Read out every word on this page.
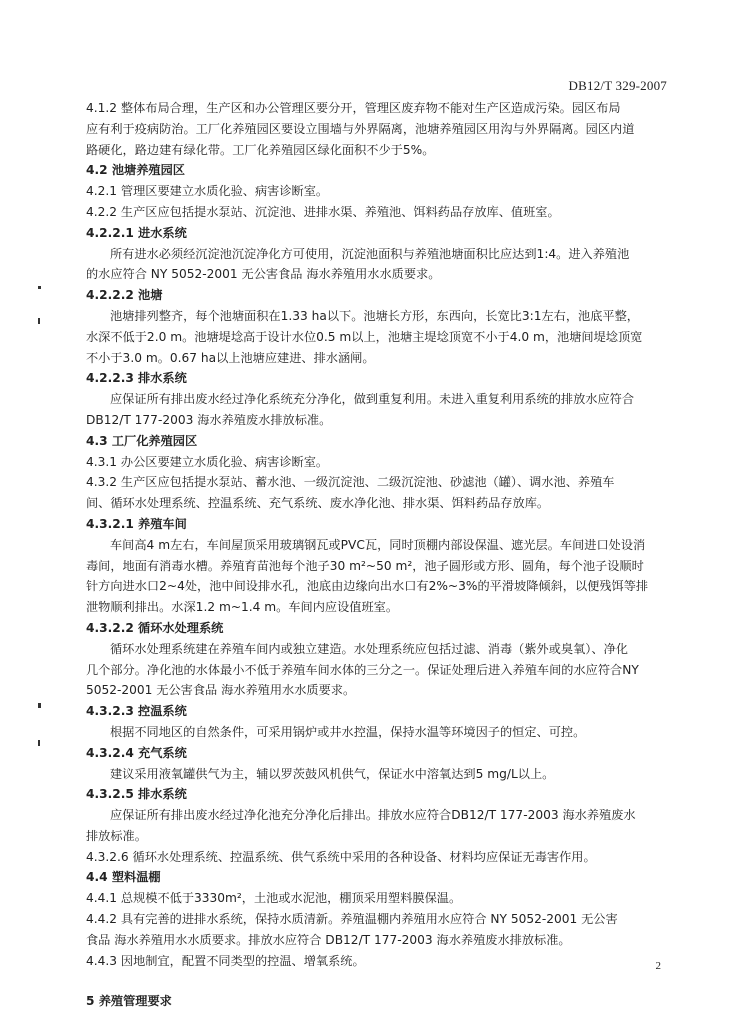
DB12/T 329-2007
4.1.2 整体布局合理，生产区和办公管理区要分开，管理区废弃物不能对生产区造成污染。园区布局
应有利于疫病防治。工厂化养殖园区要设立围墙与外界隔离，池塘养殖园区用沟与外界隔离。园区内道
路硬化，路边建有绿化带。工厂化养殖园区绿化面积不少于5%。
4.2 池塘养殖园区
4.2.1 管理区要建立水质化验、病害诊断室。
4.2.2 生产区应包括提水泵站、沉淀池、进排水渠、养殖池、饵料药品存放库、值班室。
4.2.2.1 进水系统
所有进水必须经沉淀池沉淀净化方可使用，沉淀池面积与养殖池塘面积比应达到1:4。进入养殖池
的水应符合 NY 5052-2001 无公害食品 海水养殖用水水质要求。
4.2.2.2 池塘
池塘排列整齐，每个池塘面积在1.33 ha以下。池塘长方形，东西向，长宽比3:1左右，池底平整，
水深不低于2.0 m。池塘堤埝高于设计水位0.5 m以上，池塘主堤埝顶宽不小于4.0 m，池塘间堤埝顶宽
不小于3.0 m。0.67 ha以上池塘应建进、排水涵闸。
4.2.2.3 排水系统
应保证所有排出废水经过净化系统充分净化，做到重复利用。未进入重复利用系统的排放水应符合
DB12/T 177-2003 海水养殖废水排放标准。
4.3 工厂化养殖园区
4.3.1 办公区要建立水质化验、病害诊断室。
4.3.2 生产区应包括提水泵站、蓄水池、一级沉淀池、二级沉淀池、砂滤池（罐）、调水池、养殖车
间、循环水处理系统、控温系统、充气系统、废水净化池、排水渠、饵料药品存放库。
4.3.2.1 养殖车间
车间高4 m左右，车间屋顶采用玻璃钢瓦或PVC瓦，同时顶棚内部设保温、遮光层。车间进口处设消
毒间，地面有消毒水槽。养殖育苗池每个池子30 m²~50 m²，池子圆形或方形、圆角，每个池子设顺时
针方向进水口2~4处，池中间设排水孔，池底由边缘向出水口有2%~3%的平滑坡降倾斜，以便残饵等排
泄物顺利排出。水深1.2 m~1.4 m。车间内应设值班室。
4.3.2.2 循环水处理系统
循环水处理系统建在养殖车间内或独立建造。水处理系统应包括过滤、消毒（紫外或臭氧）、净化
几个部分。净化池的水体最小不低于养殖车间水体的三分之一。保证处理后进入养殖车间的水应符合NY
5052-2001 无公害食品 海水养殖用水水质要求。
4.3.2.3 控温系统
根据不同地区的自然条件，可采用锅炉或井水控温，保持水温等环境因子的恒定、可控。
4.3.2.4 充气系统
建议采用液氧罐供气为主，辅以罗茨鼓风机供气，保证水中溶氧达到5 mg/L以上。
4.3.2.5 排水系统
应保证所有排出废水经过净化池充分净化后排出。排放水应符合DB12/T 177-2003 海水养殖废水
排放标准。
4.3.2.6 循环水处理系统、控温系统、供气系统中采用的各种设备、材料均应保证无毒害作用。
4.4 塑料温棚
4.4.1 总规模不低于3330m²，土池或水泥池，棚顶采用塑料膜保温。
4.4.2 具有完善的进排水系统，保持水质清新。养殖温棚内养殖用水应符合 NY 5052-2001 无公害
食品 海水养殖用水水质要求。排放水应符合 DB12/T 177-2003 海水养殖废水排放标准。
4.4.3 因地制宜，配置不同类型的控温、增氧系统。
5 养殖管理要求
2
